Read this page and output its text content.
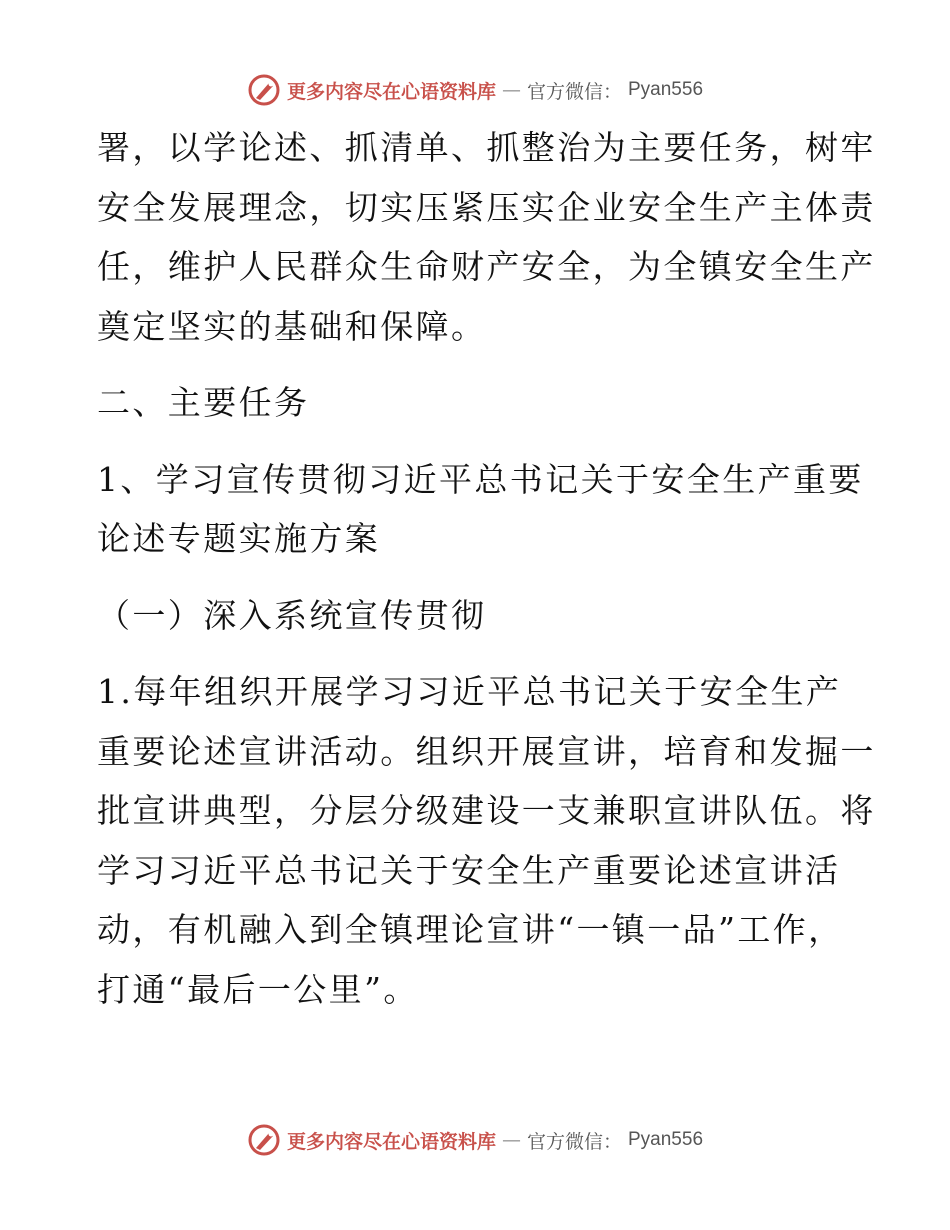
更多内容尽在心语资料库 — 官方微信： Pyan556

署，以学论述、抓清单、抓整治为主要任务，树牢
安全发展理念，切实压紧压实企业安全生产主体责
任，维护人民群众生命财产安全，为全镇安全生产
奠定坚实的基础和保障。

二、主要任务

1、学习宣传贯彻习近平总书记关于安全生产重要
论述专题实施方案

（一）深入系统宣传贯彻

1.每年组织开展学习习近平总书记关于安全生产
重要论述宣讲活动。组织开展宣讲，培育和发掘一
批宣讲典型，分层分级建设一支兼职宣讲队伍。将
学习习近平总书记关于安全生产重要论述宣讲活
动，有机融入到全镇理论宣讲“一镇一品”工作，
打通“最后一公里”。

更多内容尽在心语资料库 — 官方微信： Pyan556
